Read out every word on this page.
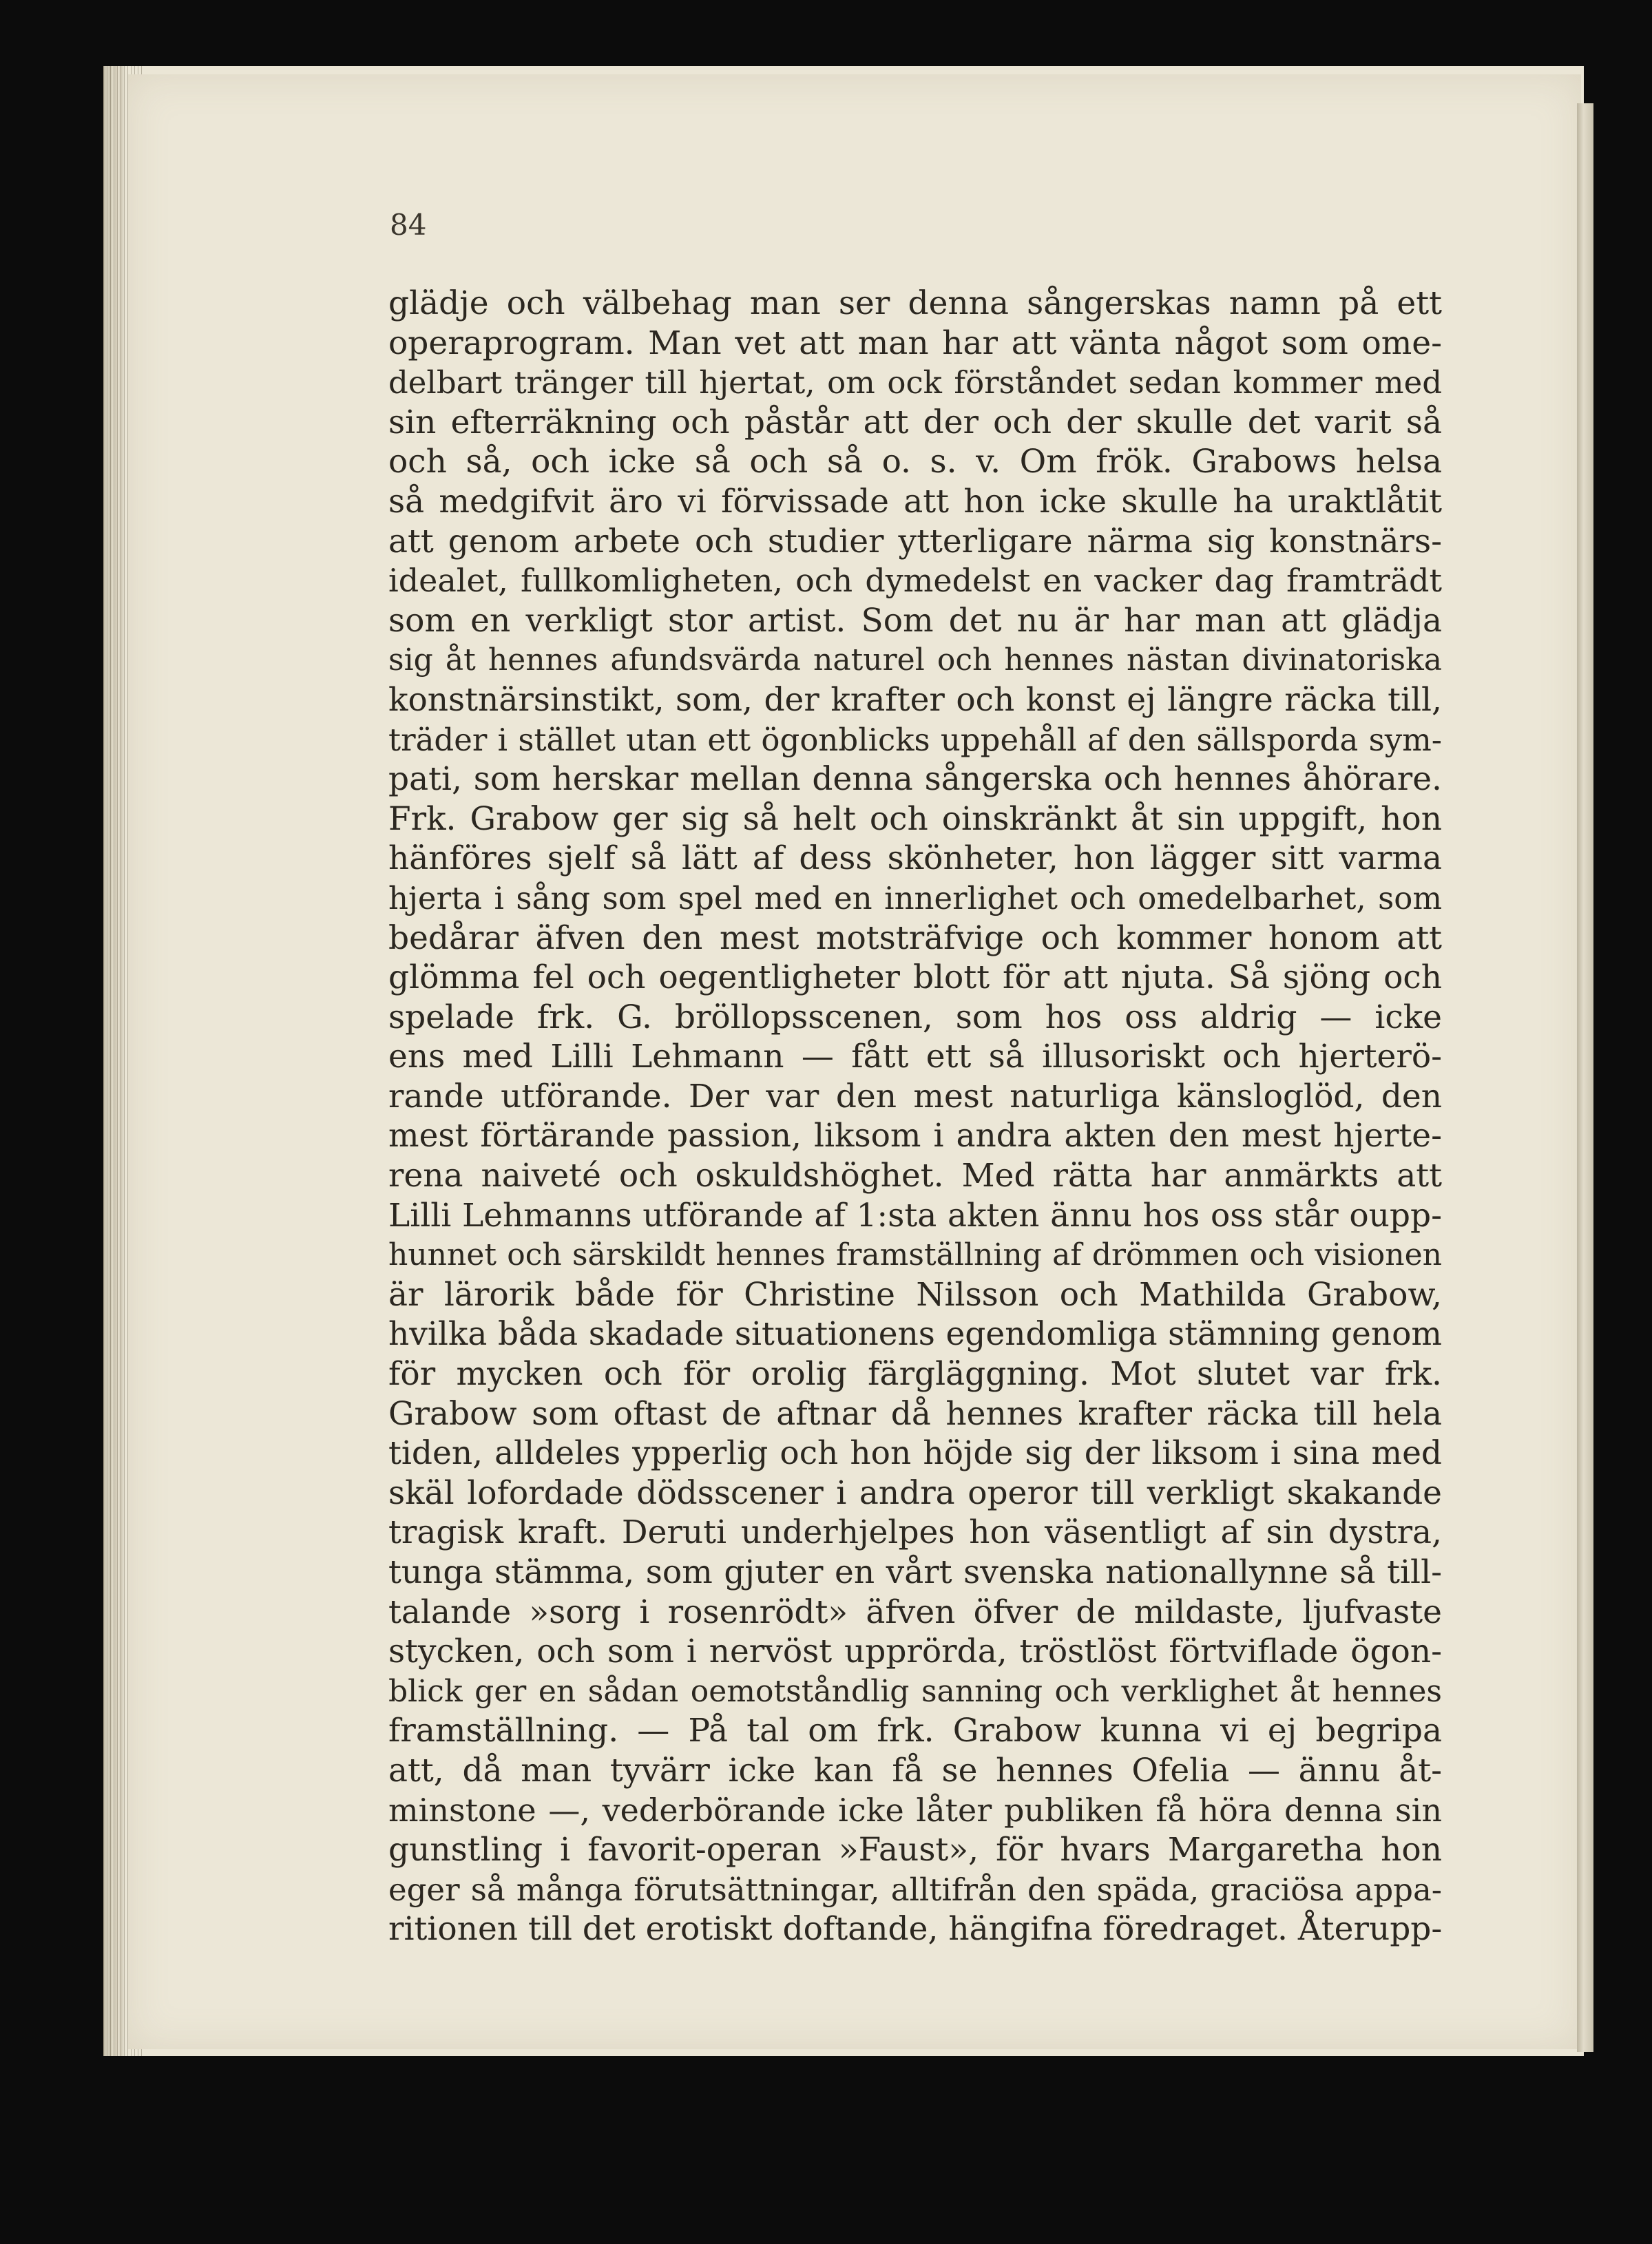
84
glädje och välbehag man ser denna sångerskas namn på ett
operaprogram. Man vet att man har att vänta något som ome-
delbart tränger till hjertat, om ock förståndet sedan kommer med
sin efterräkning och påstår att der och der skulle det varit så
och så, och icke så och så o. s. v. Om frök. Grabows helsa
så medgifvit äro vi förvissade att hon icke skulle ha uraktlåtit
att genom arbete och studier ytterligare närma sig konstnärs-
idealet, fullkomligheten, och dymedelst en vacker dag framträdt
som en verkligt stor artist. Som det nu är har man att glädja
sig åt hennes afundsvärda naturel och hennes nästan divinatoriska
konstnärsinstikt, som, der krafter och konst ej längre räcka till,
träder i stället utan ett ögonblicks uppehåll af den sällsporda sym-
pati, som herskar mellan denna sångerska och hennes åhörare.
Frk. Grabow ger sig så helt och oinskränkt åt sin uppgift, hon
hänföres sjelf så lätt af dess skönheter, hon lägger sitt varma
hjerta i sång som spel med en innerlighet och omedelbarhet, som
bedårar äfven den mest motsträfvige och kommer honom att
glömma fel och oegentligheter blott för att njuta. Så sjöng och
spelade frk. G. bröllopsscenen, som hos oss aldrig — icke
ens med Lilli Lehmann — fått ett så illusoriskt och hjerterö-
rande utförande. Der var den mest naturliga känsloglöd, den
mest förtärande passion, liksom i andra akten den mest hjerte-
rena naiveté och oskuldshöghet. Med rätta har anmärkts att
Lilli Lehmanns utförande af 1:sta akten ännu hos oss står oupp-
hunnet och särskildt hennes framställning af drömmen och visionen
är lärorik både för Christine Nilsson och Mathilda Grabow,
hvilka båda skadade situationens egendomliga stämning genom
för mycken och för orolig färgläggning. Mot slutet var frk.
Grabow som oftast de aftnar då hennes krafter räcka till hela
tiden, alldeles ypperlig och hon höjde sig der liksom i sina med
skäl lofordade dödsscener i andra operor till verkligt skakande
tragisk kraft. Deruti underhjelpes hon väsentligt af sin dystra,
tunga stämma, som gjuter en vårt svenska nationallynne så till-
talande »sorg i rosenrödt» äfven öfver de mildaste, ljufvaste
stycken, och som i nervöst upprörda, tröstlöst förtviflade ögon-
blick ger en sådan oemotståndlig sanning och verklighet åt hennes
framställning. — På tal om frk. Grabow kunna vi ej begripa
att, då man tyvärr icke kan få se hennes Ofelia — ännu åt-
minstone —, vederbörande icke låter publiken få höra denna sin
gunstling i favorit-operan »Faust», för hvars Margaretha hon
eger så många förutsättningar, alltifrån den späda, graciösa appa-
ritionen till det erotiskt doftande, hängifna föredraget. Återupp-
